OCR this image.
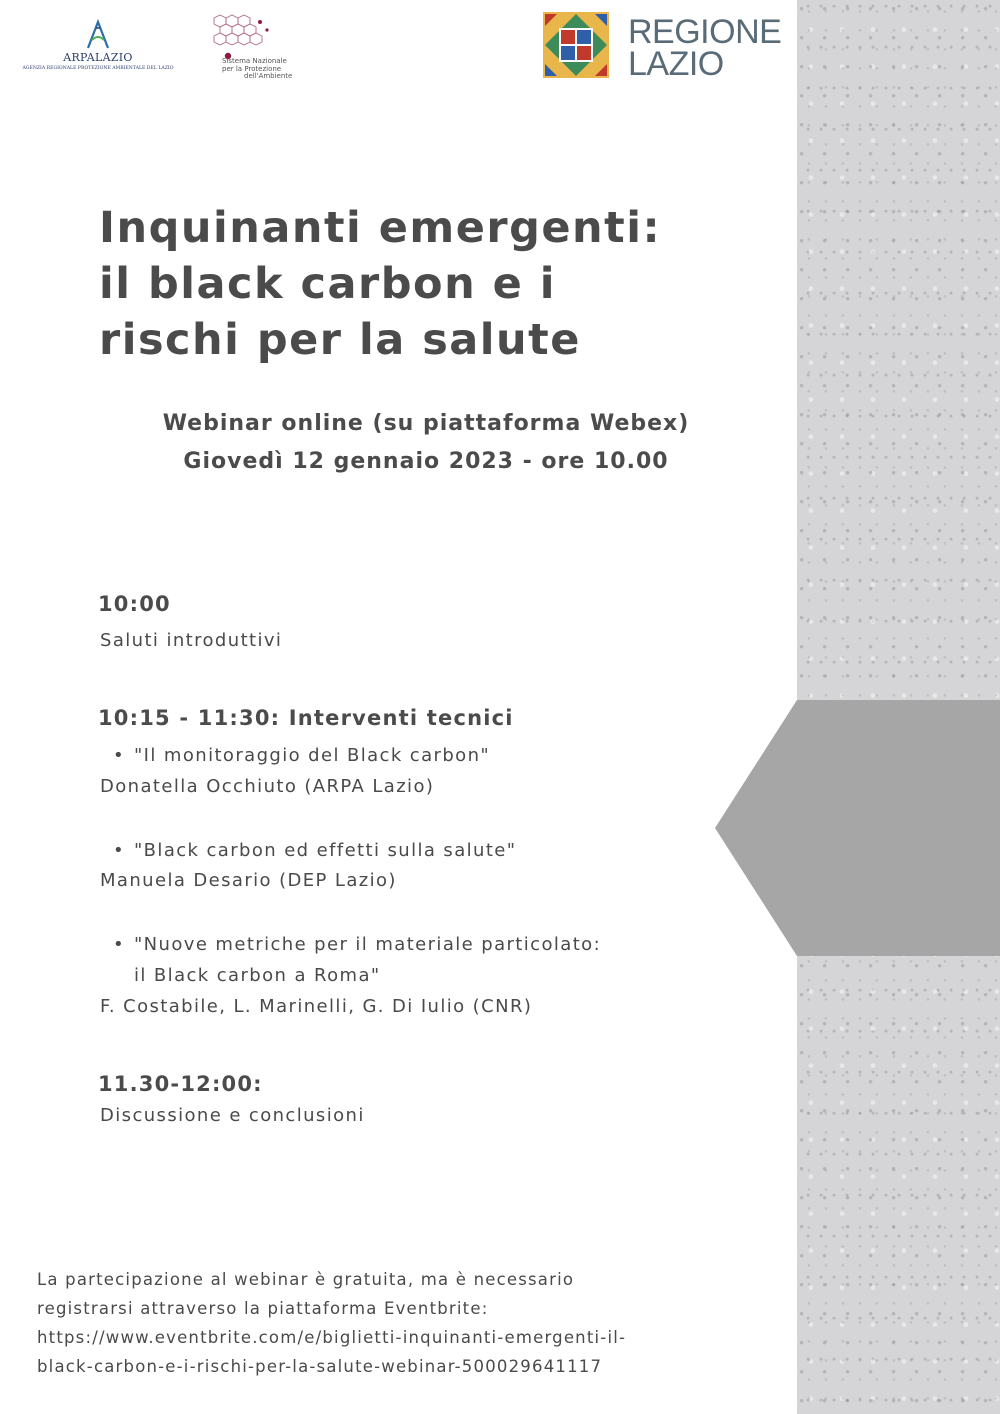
ARPALAZIO
AGENZIA REGIONALE PROTEZIONE AMBIENTALE DEL LAZIO
Sistema Nazionale
per la Protezione
dell'Ambiente
REGIONE
LAZIO
Inquinanti emergenti:
il black carbon e i
rischi per la salute
Webinar online (su piattaforma Webex)
Giovedì 12 gennaio 2023 - ore 10.00
10:00
Saluti introduttivi
10:15 - 11:30: Interventi tecnici
• "Il monitoraggio del Black carbon"
Donatella Occhiuto (ARPA Lazio)
• "Black carbon ed effetti sulla salute"
Manuela Desario (DEP Lazio)
• "Nuove metriche per il materiale particolato:
il Black carbon a Roma"
F. Costabile, L. Marinelli, G. Di Iulio (CNR)
11.30-12:00:
Discussione e conclusioni
La partecipazione al webinar è gratuita, ma è necessario
registrarsi attraverso la piattaforma Eventbrite:
https://www.eventbrite.com/e/biglietti-inquinanti-emergenti-il-
black-carbon-e-i-rischi-per-la-salute-webinar-500029641117
